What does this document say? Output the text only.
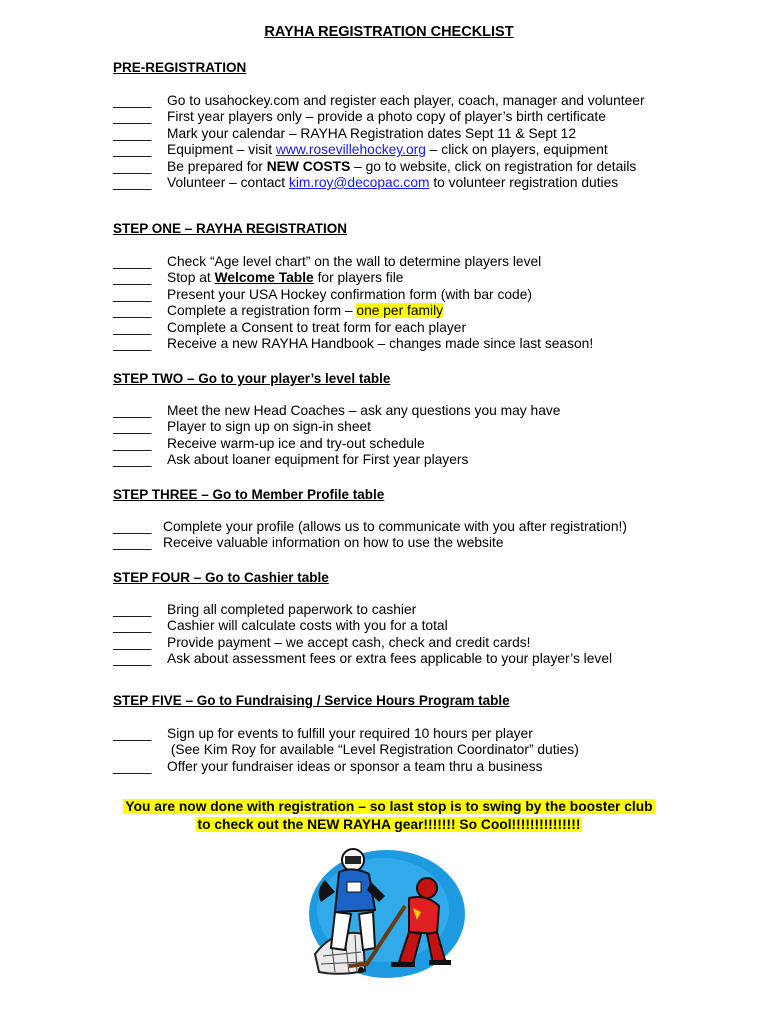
RAYHA REGISTRATION CHECKLIST
PRE-REGISTRATION
_____	Go to usahockey.com and register each player, coach, manager and volunteer
_____	First year players only – provide a photo copy of player’s birth certificate
_____	Mark your calendar – RAYHA Registration dates Sept 11 & Sept 12
_____	Equipment – visit www.rosevillehockey.org – click on players, equipment
_____	Be prepared for NEW COSTS – go to website, click on registration for details
_____	Volunteer – contact kim.roy@decopac.com to volunteer registration duties
STEP ONE – RAYHA REGISTRATION
_____	Check “Age level chart” on the wall to determine players level
_____	Stop at Welcome Table for players file
_____	Present your USA Hockey confirmation form (with bar code)
_____	Complete a registration form – one per family
_____	Complete a Consent to treat form for each player
_____	Receive a new RAYHA Handbook – changes made since last season!
STEP TWO – Go to your player’s level table
_____	Meet the new Head Coaches – ask any questions you may have
_____	Player to sign up on sign-in sheet
_____	Receive warm-up ice and try-out schedule
_____	Ask about loaner equipment for First year players
STEP THREE – Go to Member Profile table
_____ Complete your profile (allows us to communicate with you after registration!)
_____ Receive valuable information on how to use the website
STEP FOUR – Go to Cashier table
_____	Bring all completed paperwork to cashier
_____	Cashier will calculate costs with you for a total
_____	Provide payment – we accept cash, check and credit cards!
_____	Ask about assessment fees or extra fees applicable to your player’s level
STEP FIVE – Go to Fundraising / Service Hours Program table
_____	Sign up for events to fulfill your required 10 hours per player
(See Kim Roy for available “Level Registration Coordinator” duties)
_____	Offer your fundraiser ideas or sponsor a team thru a business
You are now done with registration – so last stop is to swing by the booster club
to check out the NEW RAYHA gear!!!!!!! So Cool!!!!!!!!!!!!!!!
